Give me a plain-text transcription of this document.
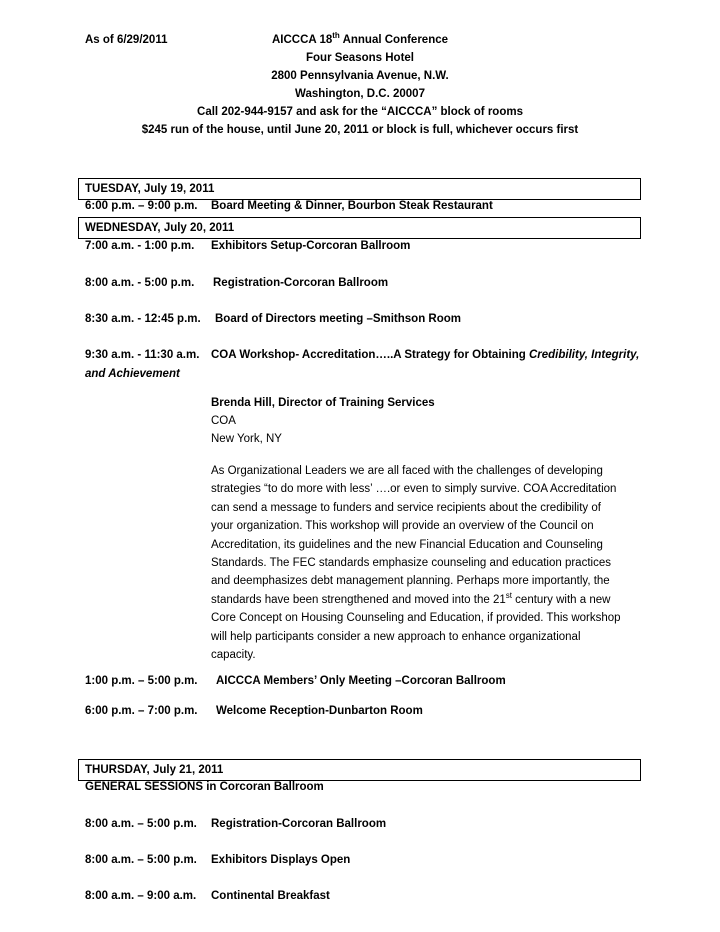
As of 6/29/2011	AICCCA 18th Annual Conference
Four Seasons Hotel
2800 Pennsylvania Avenue, N.W.
Washington, D.C. 20007
Call 202-944-9157 and ask for the “AICCCA” block of rooms
$245 run of the house, until June 20, 2011 or block is full, whichever occurs first
TUESDAY, July 19, 2011
6:00 p.m. – 9:00 p.m. Board Meeting & Dinner, Bourbon Steak Restaurant
WEDNESDAY, July 20, 2011
7:00 a.m. - 1:00 p.m. Exhibitors Setup-Corcoran Ballroom
8:00 a.m. - 5:00 p.m. Registration-Corcoran Ballroom
8:30 a.m. - 12:45 p.m. Board of Directors meeting –Smithson Room
9:30 a.m. - 11:30 a.m. COA Workshop- Accreditation…..A Strategy for Obtaining Credibility, Integrity,
and Achievement
Brenda Hill, Director of Training Services
COA
New York, NY
As Organizational Leaders we are all faced with the challenges of developing
strategies “to do more with less’ ….or even to simply survive. COA Accreditation
can send a message to funders and service recipients about the credibility of
your organization. This workshop will provide an overview of the Council on
Accreditation, its guidelines and the new Financial Education and Counseling
Standards. The FEC standards emphasize counseling and education practices
and deemphasizes debt management planning. Perhaps more importantly, the
standards have been strengthened and moved into the 21st century with a new
Core Concept on Housing Counseling and Education, if provided. This workshop
will help participants consider a new approach to enhance organizational
capacity.
1:00 p.m. – 5:00 p.m. AICCCA Members’ Only Meeting –Corcoran Ballroom
6:00 p.m. – 7:00 p.m. Welcome Reception-Dunbarton Room
THURSDAY, July 21, 2011
GENERAL SESSIONS in Corcoran Ballroom
8:00 a.m. – 5:00 p.m. Registration-Corcoran Ballroom
8:00 a.m. – 5:00 p.m. Exhibitors Displays Open
8:00 a.m. – 9:00 a.m. Continental Breakfast
